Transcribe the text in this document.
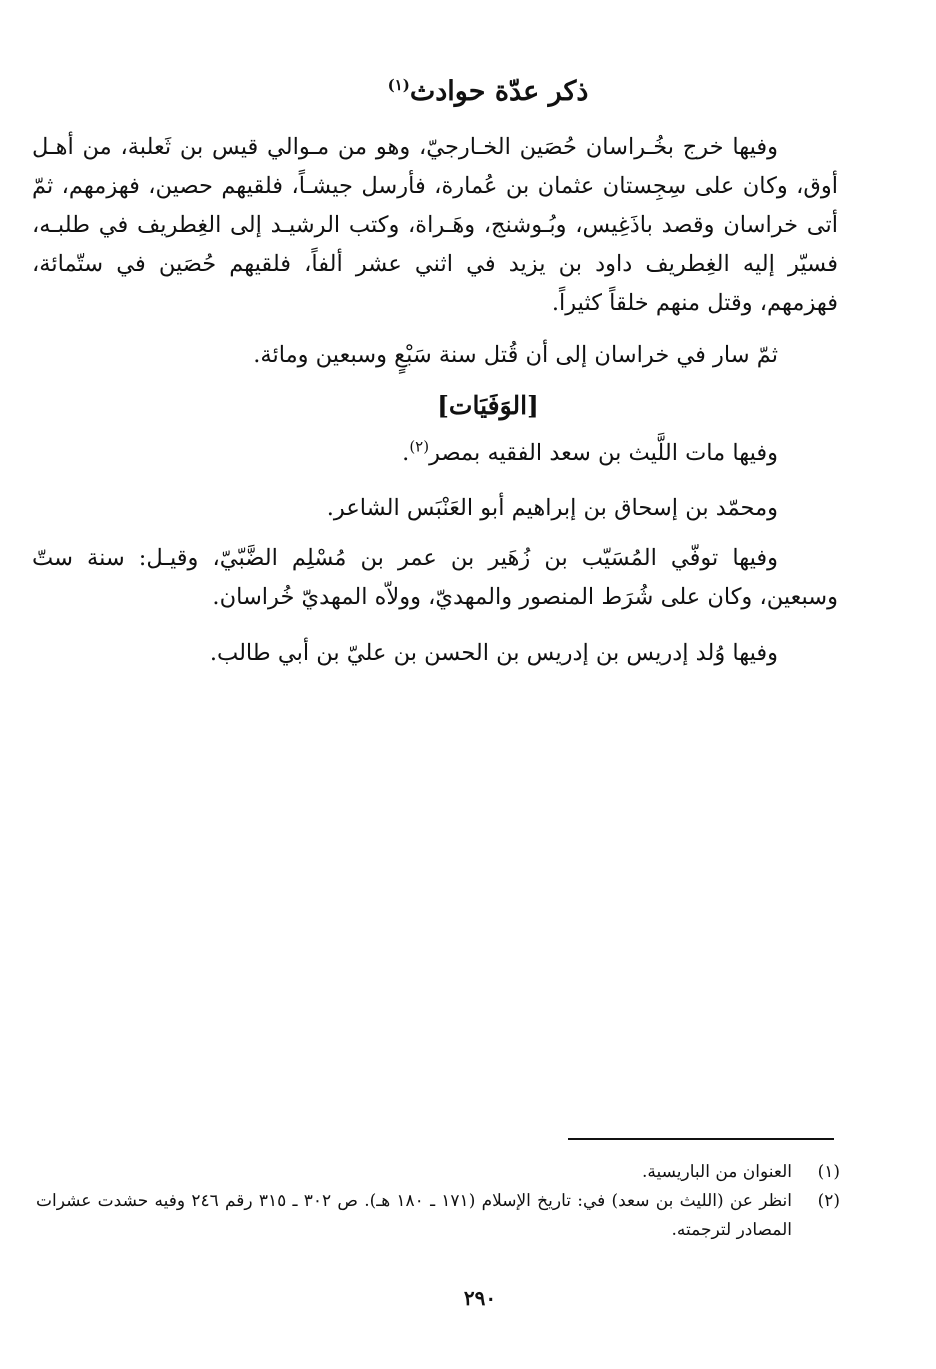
ذكر عدّة حوادث$^{(١)}$

وفيها خرج بخُـراسان حُصَين الخـارجيّ، وهو من مـوالي قيس بن ثَعلبة، من أهـل أوق، وكان على سِجِستان عثمان بن عُمارة، فأرسل جيشـاً، فلقيهم حصين، فهزمهم، ثمّ أتى خراسان وقصد باذَغِيس، وبُـوشنج، وهَـراة، وكتب الرشيـد إلى الغِطريف في طلبـه، فسيّر إليه الغِطريف داود بن يزيد في اثني عشر ألفاً، فلقيهم حُصَين في ستّمائة، فهزمهم، وقتل منهم خلقاً كثيراً.

ثمّ سار في خراسان إلى أن قُتل سنة سَبْعٍ وسبعين ومائة.

[الوَفَيَات]

وفيها مات اللَّيث بن سعد الفقيه بمصر$^{(٢)}$.

ومحمّد بن إسحاق بن إبراهيم أبو العَنْبَس الشاعر.

وفيها توفّي المُسَيّب بن زُهَير بن عمر بن مُسْلِم الضَّبّيّ، وقيـل: سنة ستّ وسبعين، وكان على شُرَط المنصور والمهديّ، وولاّه المهديّ خُراسان.

وفيها وُلد إدريس بن إدريس بن الحسن بن عليّ بن أبي طالب.

(١)
العنوان من الباريسية.
(٢)
انظر عن (الليث بن سعد) في: تاريخ الإسلام (١٧١ ـ ١٨٠ هـ). ص ٣٠٢ ـ ٣١٥ رقم ٢٤٦ وفيه حشدت عشرات المصادر لترجمته.
٢٩٠
